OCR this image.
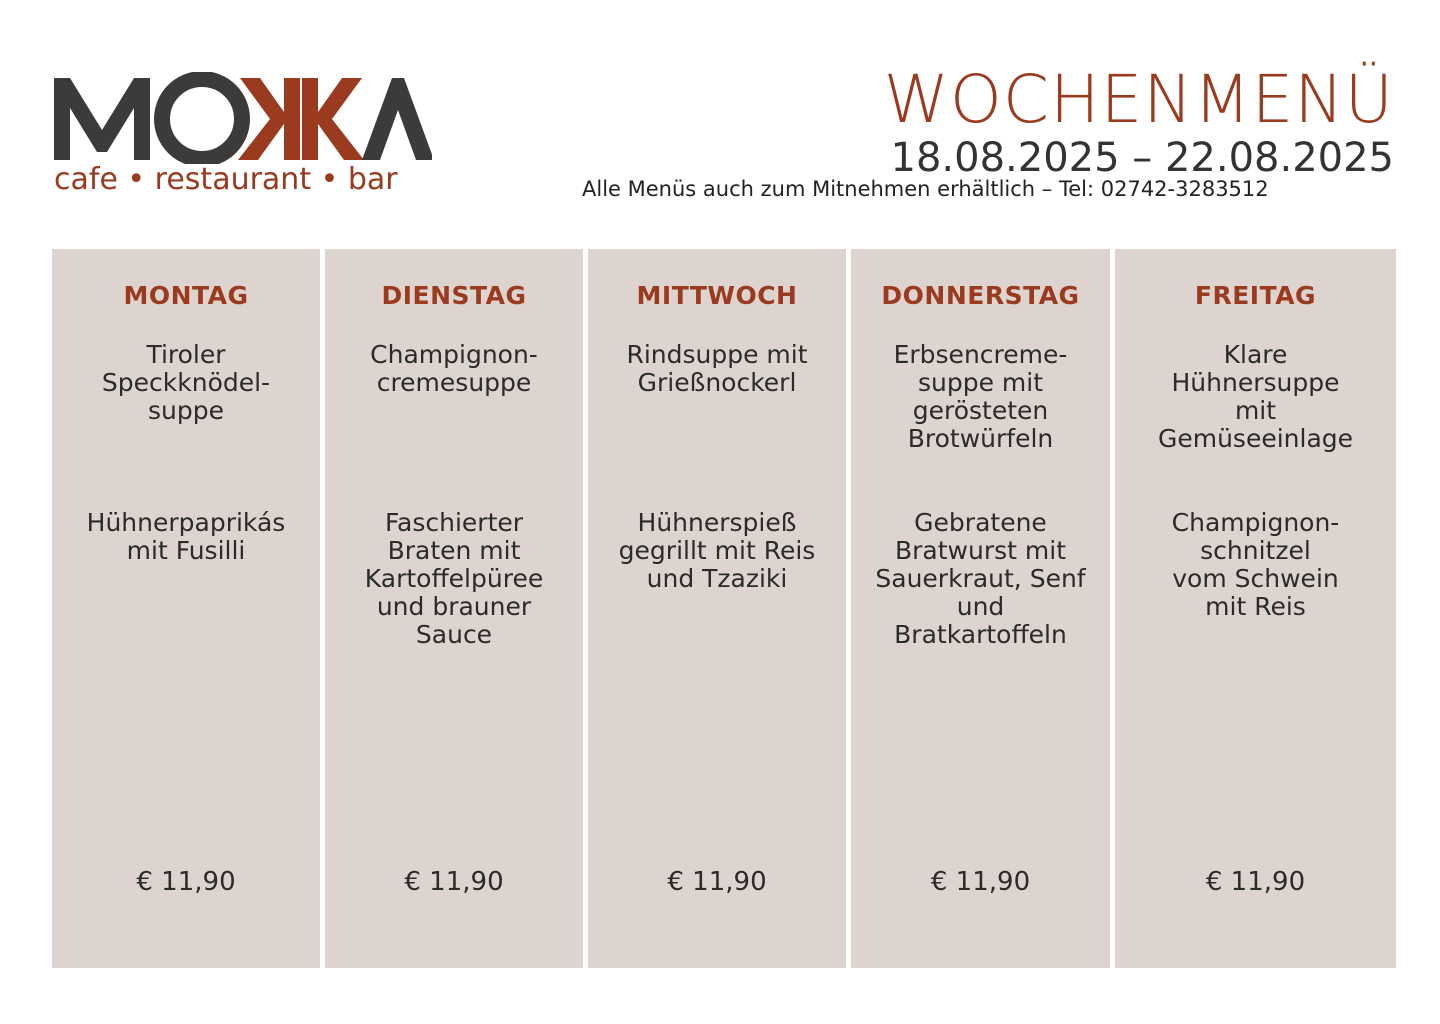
cafe • restaurant • bar
WOCHENMENÜ
18.08.2025 – 22.08.2025
Alle Menüs auch zum Mitnehmen erhältlich – Tel: 02742-3283512
MONTAG
Tiroler
Speckknödel-
suppe
Hühnerpaprikás
mit Fusilli
€ 11,90
DIENSTAG
Champignon-
cremesuppe
Faschierter
Braten mit
Kartoffelpüree
und brauner
Sauce
€ 11,90
MITTWOCH
Rindsuppe mit
Grießnockerl
Hühnerspieß
gegrillt mit Reis
und Tzaziki
€ 11,90
DONNERSTAG
Erbsencreme-
suppe mit
gerösteten
Brotwürfeln
Gebratene
Bratwurst mit
Sauerkraut, Senf
und
Bratkartoffeln
€ 11,90
FREITAG
Klare
Hühnersuppe
mit
Gemüseeinlage
Champignon-
schnitzel
vom Schwein
mit Reis
€ 11,90
